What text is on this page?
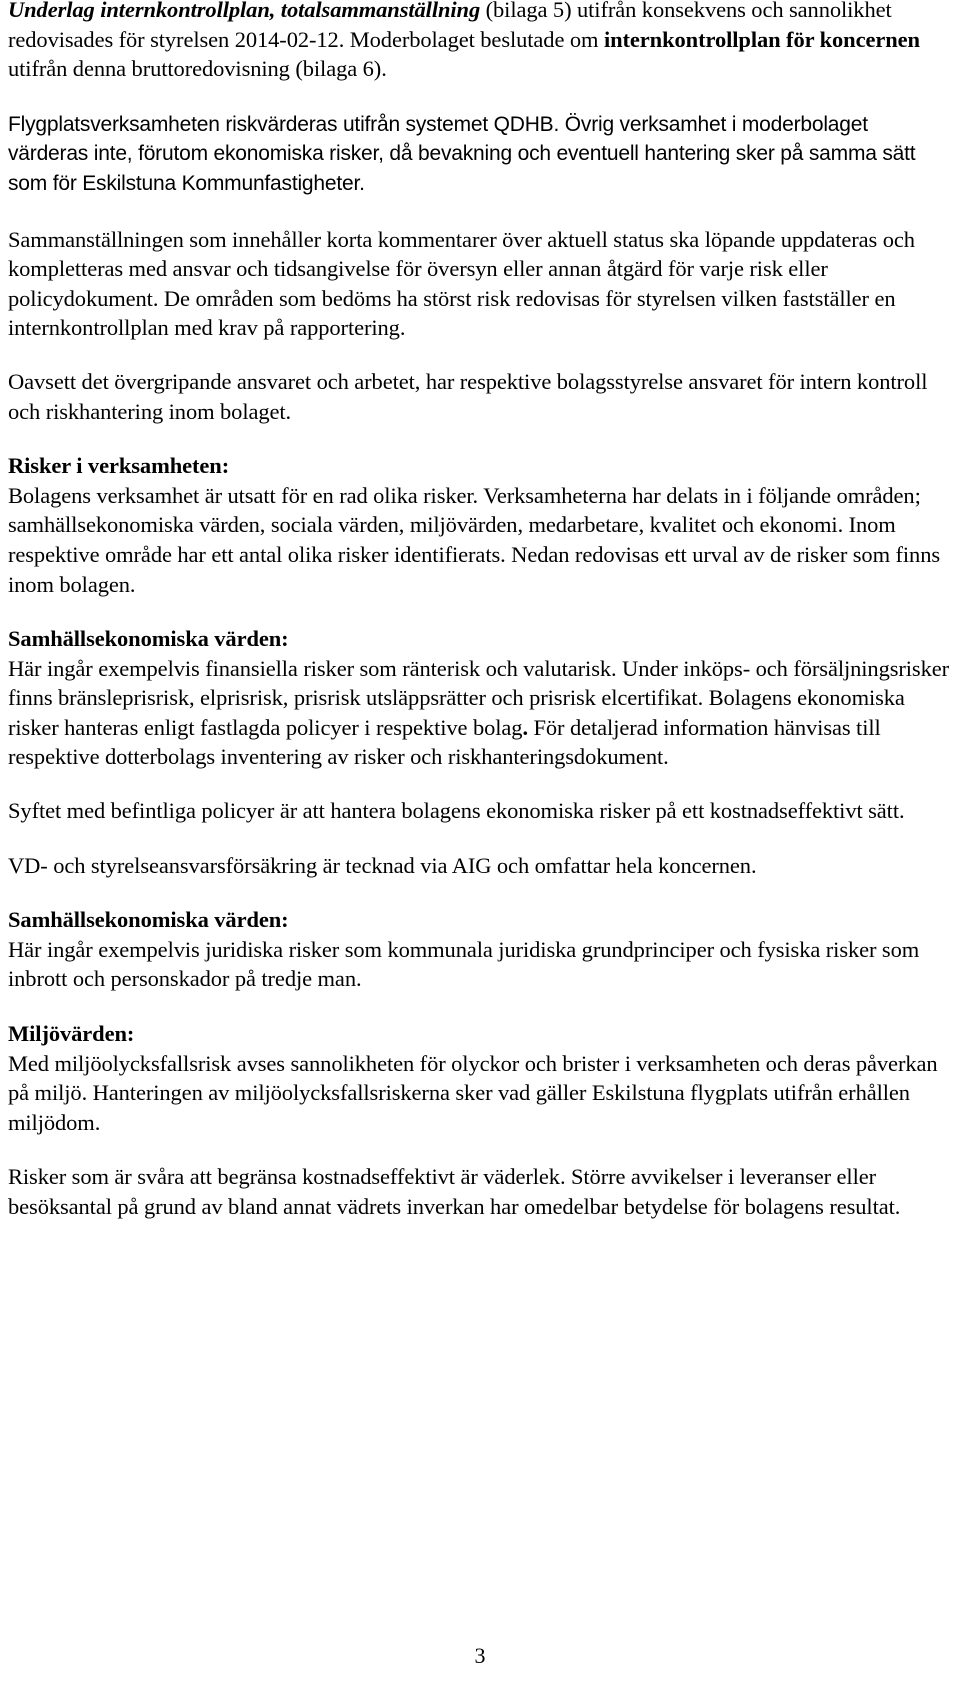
Underlag internkontrollplan, totalsammanställning (bilaga 5) utifrån konsekvens och sannolikhet redovisades för styrelsen 2014-02-12. Moderbolaget beslutade om internkontrollplan för koncernen utifrån denna bruttoredovisning (bilaga 6).

Flygplatsverksamheten riskvärderas utifrån systemet QDHB. Övrig verksamhet i moderbolaget värderas inte, förutom ekonomiska risker, då bevakning och eventuell hantering sker på samma sätt som för Eskilstuna Kommunfastigheter.

Sammanställningen som innehåller korta kommentarer över aktuell status ska löpande uppdateras och kompletteras med ansvar och tidsangivelse för översyn eller annan åtgärd för varje risk eller policydokument. De områden som bedöms ha störst risk redovisas för styrelsen vilken fastställer en internkontrollplan med krav på rapportering.

Oavsett det övergripande ansvaret och arbetet, har respektive bolagsstyrelse ansvaret för intern kontroll och riskhantering inom bolaget.

Risker i verksamheten:

Bolagens verksamhet är utsatt för en rad olika risker. Verksamheterna har delats in i följande områden; samhällsekonomiska värden, sociala värden, miljövärden, medarbetare, kvalitet och ekonomi. Inom respektive område har ett antal olika risker identifierats. Nedan redovisas ett urval av de risker som finns inom bolagen.

Samhällsekonomiska värden:

Här ingår exempelvis finansiella risker som ränterisk och valutarisk. Under inköps- och försäljningsrisker finns bränsleprisrisk, elprisrisk, prisrisk utsläppsrätter och prisrisk elcertifikat. Bolagens ekonomiska risker hanteras enligt fastlagda policyer i respektive bolag. För detaljerad information hänvisas till respektive dotterbolags inventering av risker och riskhanteringsdokument.

Syftet med befintliga policyer är att hantera bolagens ekonomiska risker på ett kostnadseffektivt sätt.

VD- och styrelseansvarsförsäkring är tecknad via AIG och omfattar hela koncernen.

Samhällsekonomiska värden:

Här ingår exempelvis juridiska risker som kommunala juridiska grundprinciper och fysiska risker som inbrott och personskador på tredje man.

Miljövärden:

Med miljöolycksfallsrisk avses sannolikheten för olyckor och brister i verksamheten och deras påverkan på miljö. Hanteringen av miljöolycksfallsriskerna sker vad gäller Eskilstuna flygplats utifrån erhållen miljödom.

Risker som är svåra att begränsa kostnadseffektivt är väderlek. Större avvikelser i leveranser eller besöksantal på grund av bland annat vädrets inverkan har omedelbar betydelse för bolagens resultat.

3
